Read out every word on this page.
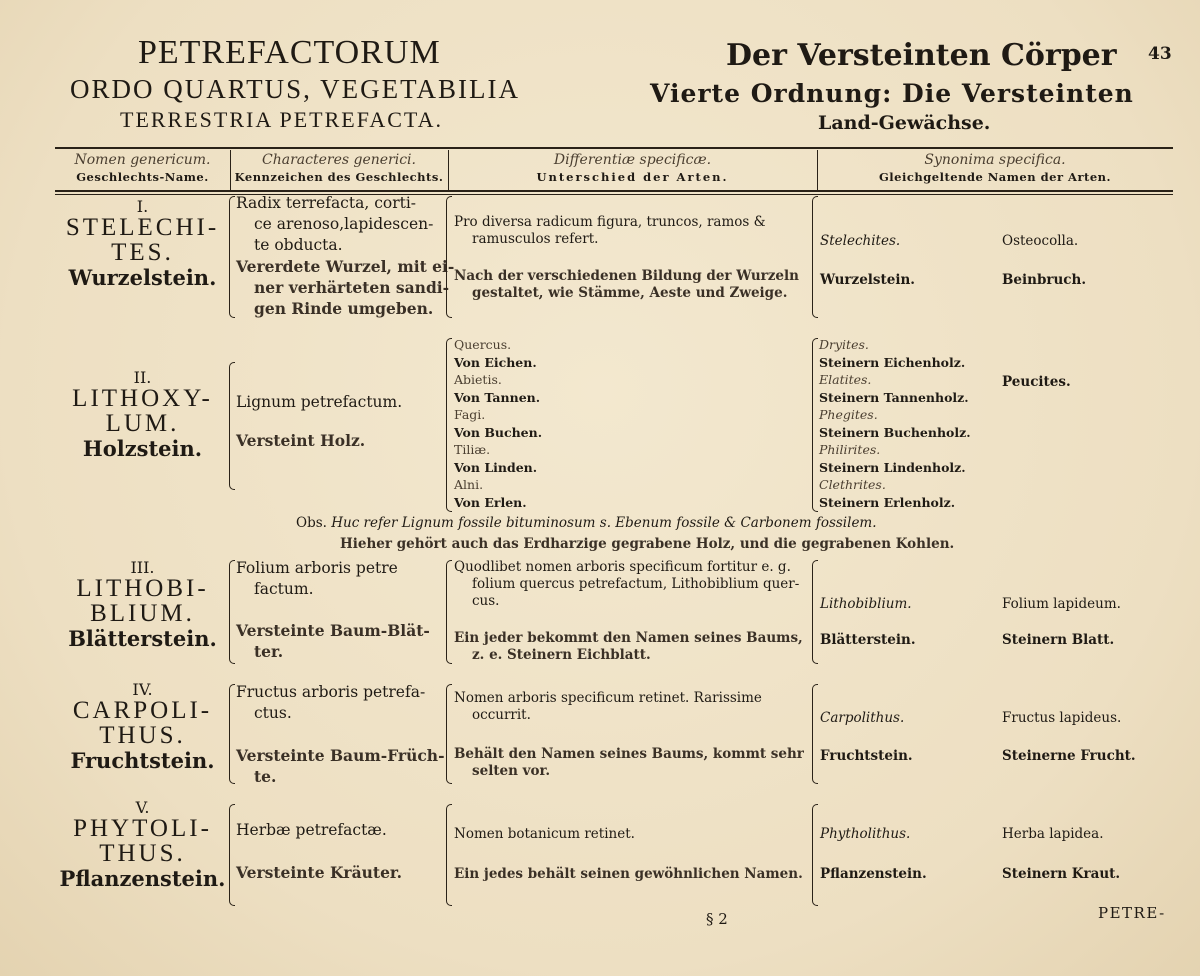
PETREFACTORUM
ORDO QUARTUS, VEGETABILIA
TERRESTRIA PETREFACTA.
Der Versteinten Cörper
Vierte Ordnung: Die Versteinten
Land-Gewächse.
43
Nomen genericum.
Geschlechts-Name.
Characteres generici.
Kennzeichen des Geschlechts.
Differentiæ specificæ.
Unterschied der Arten.
Synonima specifica.
Gleichgeltende Namen der Arten.
I.
STELECHI-
TES.
Wurzelstein.
Radix terrefacta, corti-
ce arenoso,lapidescen-
te obducta.
Vererdete Wurzel, mit ei-
ner verhärteten sandi-
gen Rinde umgeben.
Pro diversa radicum figura, truncos, ramos &
ramusculos refert.
Nach der verschiedenen Bildung der Wurzeln
gestaltet, wie Stämme, Aeste und Zweige.
Stelechites.
Wurzelstein.
Osteocolla.
Beinbruch.
II.
LITHOXY-
LUM.
Holzstein.
Lignum petrefactum.
Versteint Holz.
Quercus.
Von Eichen.
Abietis.
Von Tannen.
Fagi.
Von Buchen.
Tiliæ.
Von Linden.
Alni.
Von Erlen.
Dryites.
Steinern Eichenholz.
Elatites.
Steinern Tannenholz.
Phegites.
Steinern Buchenholz.
Philirites.
Steinern Lindenholz.
Clethrites.
Steinern Erlenholz.
Peucites.
Obs. Huc refer Lignum fossile bituminosum s. Ebenum fossile & Carbonem fossilem.
Hieher gehört auch das Erdharzige gegrabene Holz, und die gegrabenen Kohlen.
III.
LITHOBI-
BLIUM.
Blätterstein.
Folium arboris petre
factum.
Versteinte Baum-Blät-
ter.
Quodlibet nomen arboris specificum fortitur e. g.
folium quercus petrefactum, Lithobiblium quer-
cus.
Ein jeder bekommt den Namen seines Baums,
z. e. Steinern Eichblatt.
Lithobiblium.
Blätterstein.
Folium lapideum.
Steinern Blatt.
IV.
CARPOLI-
THUS.
Fruchtstein.
Fructus arboris petrefa-
ctus.
Versteinte Baum-Früch-
te.
Nomen arboris specificum retinet. Rarissime
occurrit.
Behält den Namen seines Baums, kommt sehr
selten vor.
Carpolithus.
Fruchtstein.
Fructus lapideus.
Steinerne Frucht.
V.
PHYTOLI-
THUS.
Pflanzenstein.
Herbæ petrefactæ.
Versteinte Kräuter.
Nomen botanicum retinet.
Ein jedes behält seinen gewöhnlichen Namen.
Phytholithus.
Pflanzenstein.
Herba lapidea.
Steinern Kraut.
§ 2	PETRE-
